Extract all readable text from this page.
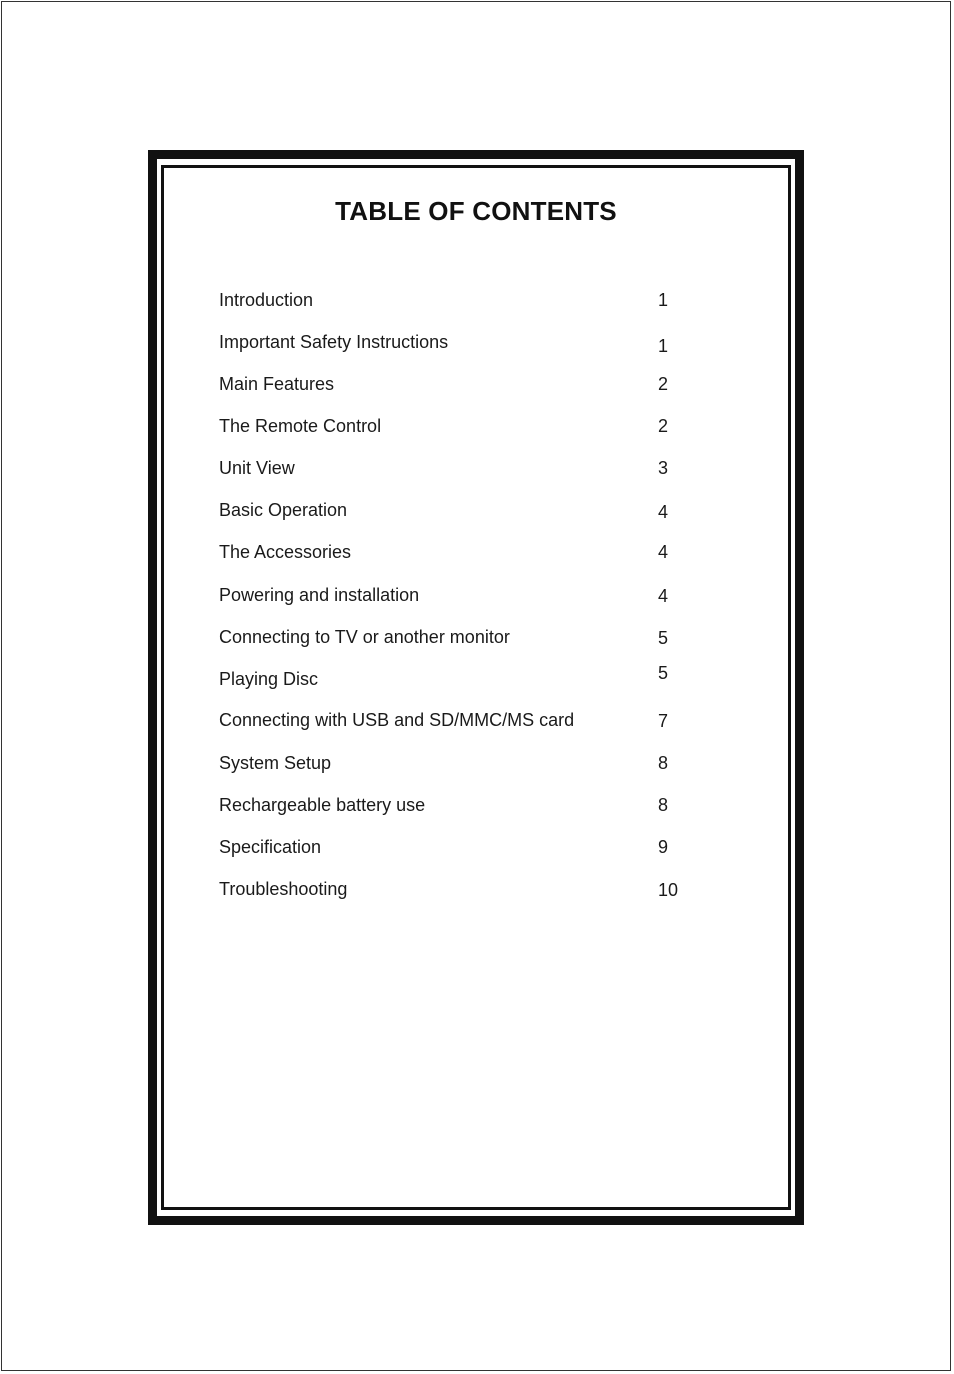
TABLE OF CONTENTS
Introduction	1
Important Safety Instructions	1
Main Features	2
The Remote Control	2
Unit View	3
Basic Operation	4
The Accessories	4
Powering and installation	4
Connecting to TV or another monitor	5
Playing Disc	5
Connecting with USB and SD/MMC/MS card	7
System Setup	8
Rechargeable battery use	8
Specification	9
Troubleshooting	10
